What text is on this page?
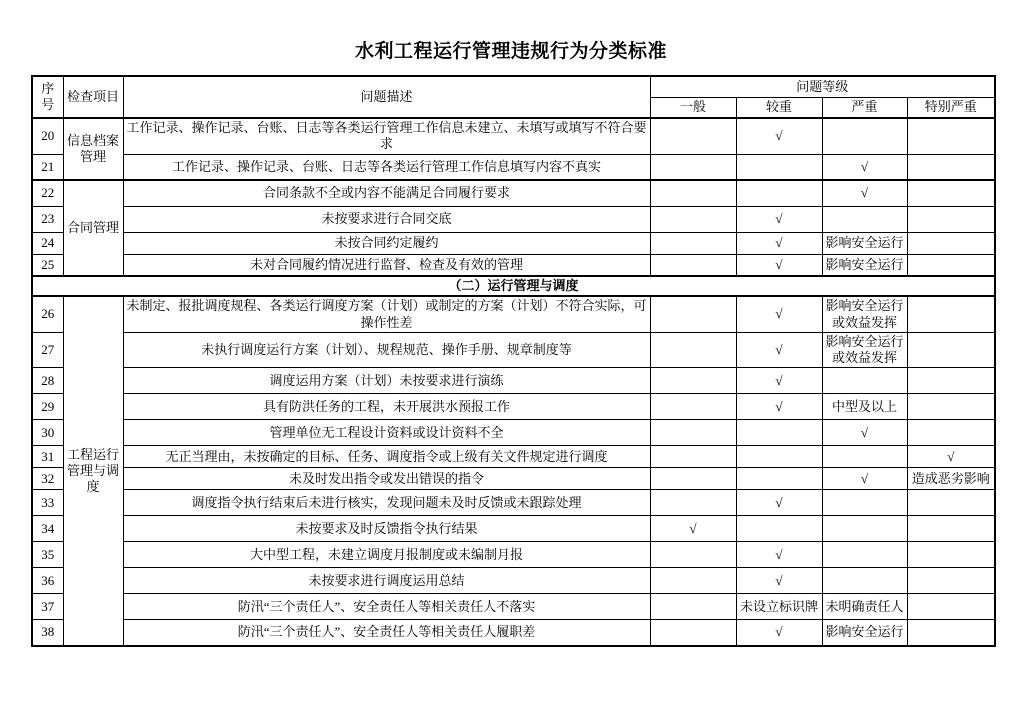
水利工程运行管理违规行为分类标准
序号	检查项目	问题描述	问题等级			
			一般	较重	严重	特别严重
20	信息档案管理	工作记录、操作记录、台账、日志等各类运行管理工作信息未建立、未填写或填写不符合要求		√		
21		工作记录、操作记录、台账、日志等各类运行管理工作信息填写内容不真实			√	
22	合同管理	合同条款不全或内容不能满足合同履行要求			√	
23		未按要求进行合同交底		√		
24		未按合同约定履约		√	影响安全运行	
25		未对合同履约情况进行监督、检查及有效的管理		√	影响安全运行	
（二）运行管理与调度						
26	工程运行管理与调度	未制定、报批调度规程、各类运行调度方案（计划）或制定的方案（计划）不符合实际，可操作性差		√	影响安全运行或效益发挥	
27		未执行调度运行方案（计划）、规程规范、操作手册、规章制度等		√	影响安全运行或效益发挥	
28		调度运用方案（计划）未按要求进行演练		√		
29		具有防洪任务的工程，未开展洪水预报工作		√	中型及以上	
30		管理单位无工程设计资料或设计资料不全			√	
31		无正当理由，未按确定的目标、任务、调度指令或上级有关文件规定进行调度				√
32		未及时发出指令或发出错误的指令			√	造成恶劣影响
33		调度指令执行结束后未进行核实，发现问题未及时反馈或未跟踪处理		√		
34		未按要求及时反馈指令执行结果	√			
35		大中型工程，未建立调度月报制度或未编制月报		√		
36		未按要求进行调度运用总结		√		
37		防汛“三个责任人”、安全责任人等相关责任人不落实		未设立标识牌	未明确责任人	
38		防汛“三个责任人”、安全责任人等相关责任人履职差		√	影响安全运行	
